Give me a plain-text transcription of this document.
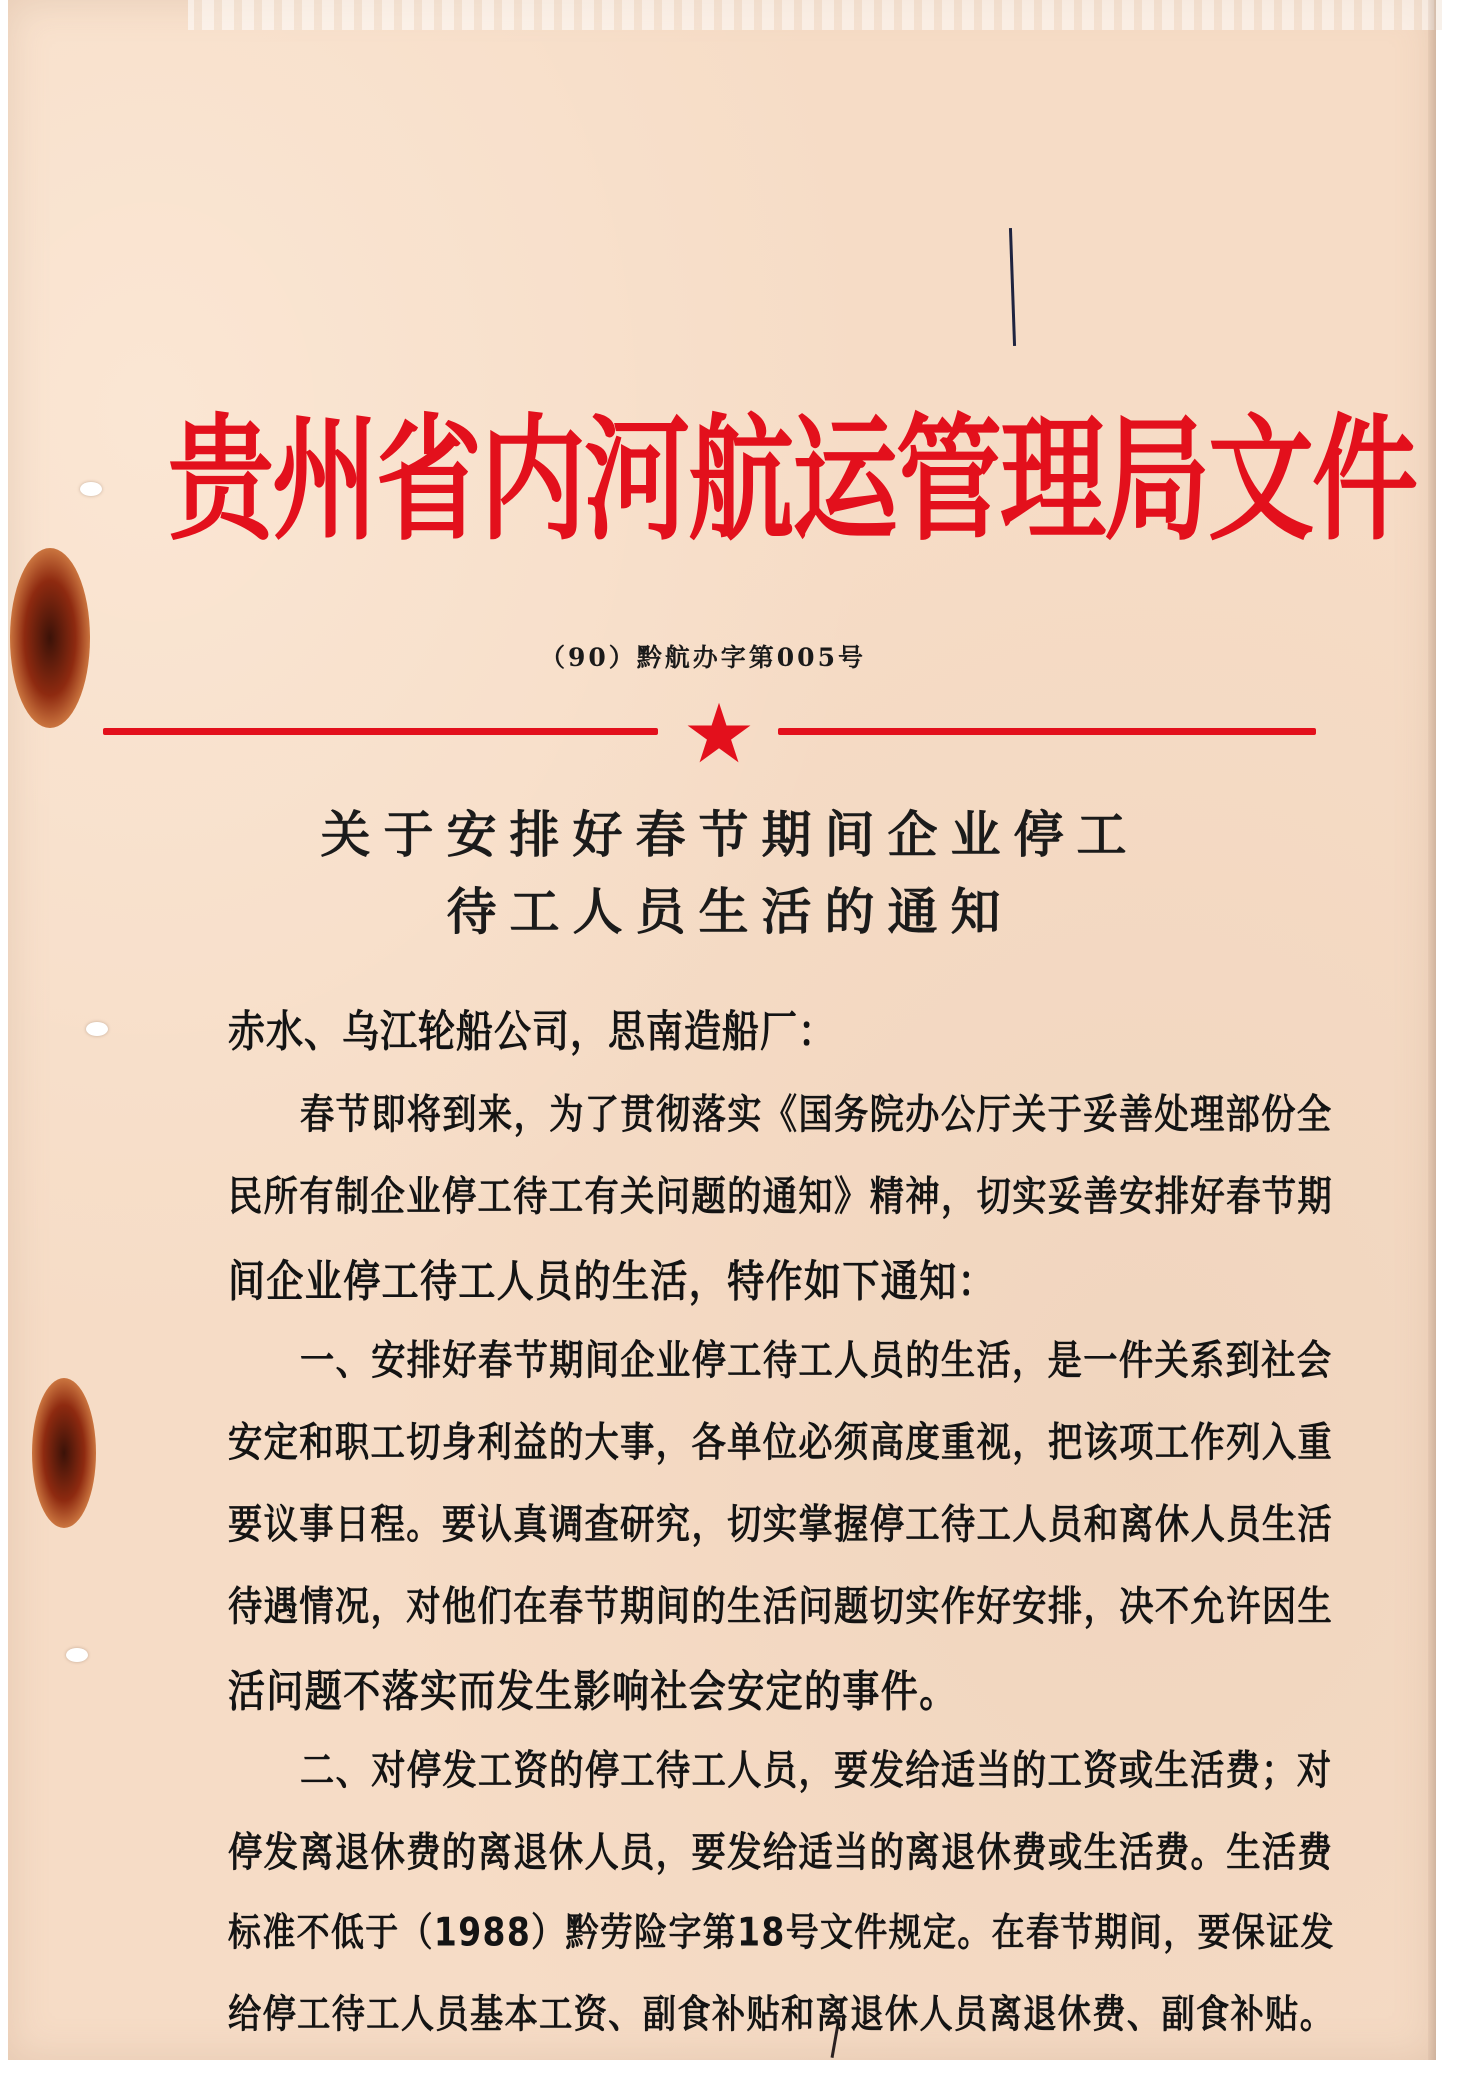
贵州省内河航运管理局文件
（90）黔航办字第005号
★
关于安排好春节期间企业停工
待工人员生活的通知
赤水、乌江轮船公司，思南造船厂：
春节即将到来，为了贯彻落实《国务院办公厅关于妥善处理部份全
民所有制企业停工待工有关问题的通知》精神，切实妥善安排好春节期
间企业停工待工人员的生活，特作如下通知：
一、安排好春节期间企业停工待工人员的生活，是一件关系到社会
安定和职工切身利益的大事，各单位必须高度重视，把该项工作列入重
要议事日程。要认真调查研究，切实掌握停工待工人员和离休人员生活
待遇情况，对他们在春节期间的生活问题切实作好安排，决不允许因生
活问题不落实而发生影响社会安定的事件。
二、对停发工资的停工待工人员，要发给适当的工资或生活费；对
停发离退休费的离退休人员，要发给适当的离退休费或生活费。生活费
标准不低于（1988）黔劳险字第18号文件规定。在春节期间，要保证发
给停工待工人员基本工资、副食补贴和离退休人员离退休费、副食补贴。
